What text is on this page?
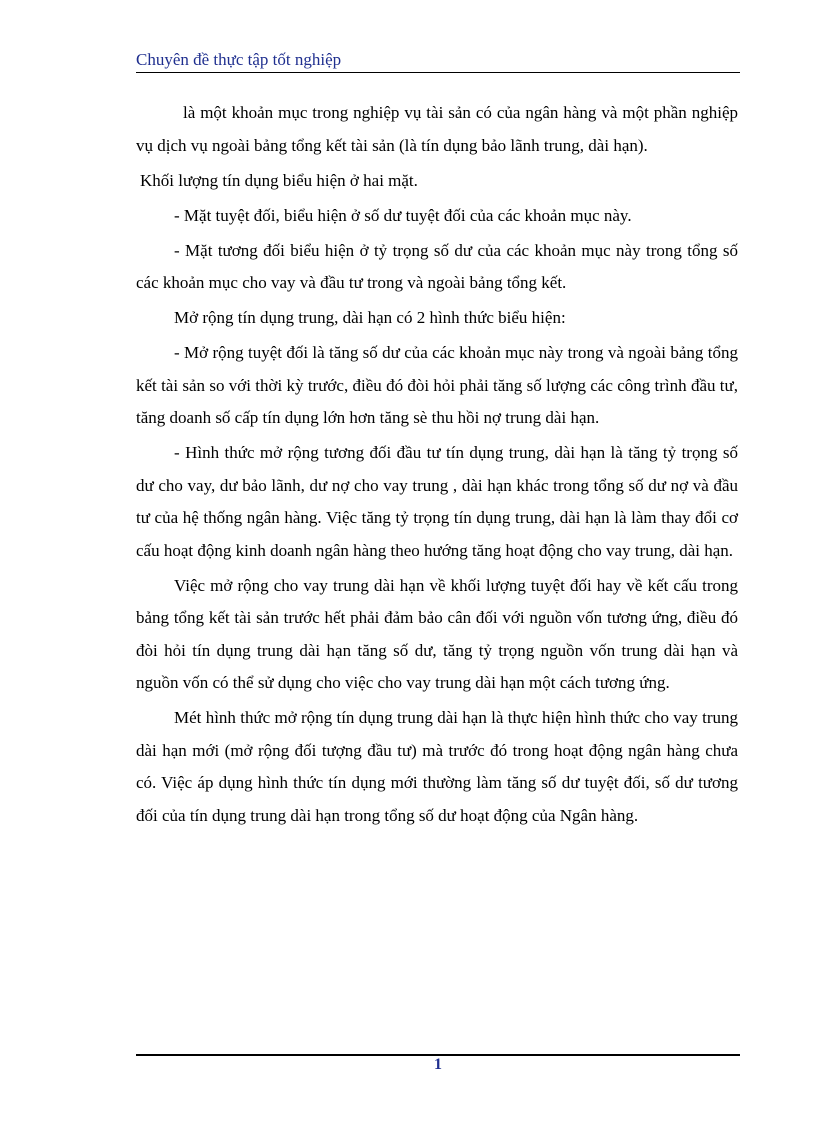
Chuyên đề thực tập tốt nghiệp

là một khoản mục trong nghiệp vụ tài sản có của ngân hàng và một phần nghiệp vụ dịch vụ ngoài bảng tổng kết tài sản (là tín dụng bảo lãnh trung, dài hạn).

Khối lượng tín dụng biểu hiện ở hai mặt.

- Mặt tuyệt đối, biểu hiện ở số dư tuyệt đối của các khoản mục này.

- Mặt tương đối biểu hiện ở tỷ trọng số dư của các khoản mục này trong tổng số các khoản mục cho vay và đầu tư trong và ngoài bảng tổng kết.

Mở rộng tín dụng trung, dài hạn có 2 hình thức biểu hiện:

- Mở rộng tuyệt đối là tăng số dư của các khoản mục này trong và ngoài bảng tổng kết tài sản so với thời kỳ trước, điều đó đòi hỏi phải tăng số lượng các công trình đầu tư, tăng doanh số cấp tín dụng lớn hơn tăng sè thu hồi nợ trung dài hạn.

- Hình thức mở rộng tương đối đầu tư tín dụng trung, dài hạn là tăng tỷ trọng số dư cho vay, dư bảo lãnh, dư nợ cho vay trung , dài hạn khác trong tổng số dư nợ và đầu tư của hệ thống ngân hàng. Việc tăng tỷ trọng tín dụng trung, dài hạn là làm thay đổi cơ cấu hoạt động kinh doanh ngân hàng theo hướng tăng hoạt động cho vay trung, dài hạn.

Việc mở rộng cho vay trung dài hạn về khối lượng tuyệt đối hay về kết cấu trong bảng tổng kết tài sản trước hết phải đảm bảo cân đối với nguồn vốn tương ứng, điều đó đòi hỏi tín dụng trung dài hạn tăng số dư, tăng tỷ trọng nguồn vốn trung dài hạn và nguồn vốn có thể sử dụng cho việc cho vay trung dài hạn một cách tương ứng.

Mét hình thức mở rộng tín dụng trung dài hạn là thực hiện hình thức cho vay trung dài hạn mới (mở rộng đối tượng đầu tư) mà trước đó trong hoạt động ngân hàng chưa có. Việc áp dụng hình thức tín dụng mới thường làm tăng số dư tuyệt đối, số dư tương đối của tín dụng trung dài hạn trong tổng số dư hoạt động của Ngân hàng.

1
